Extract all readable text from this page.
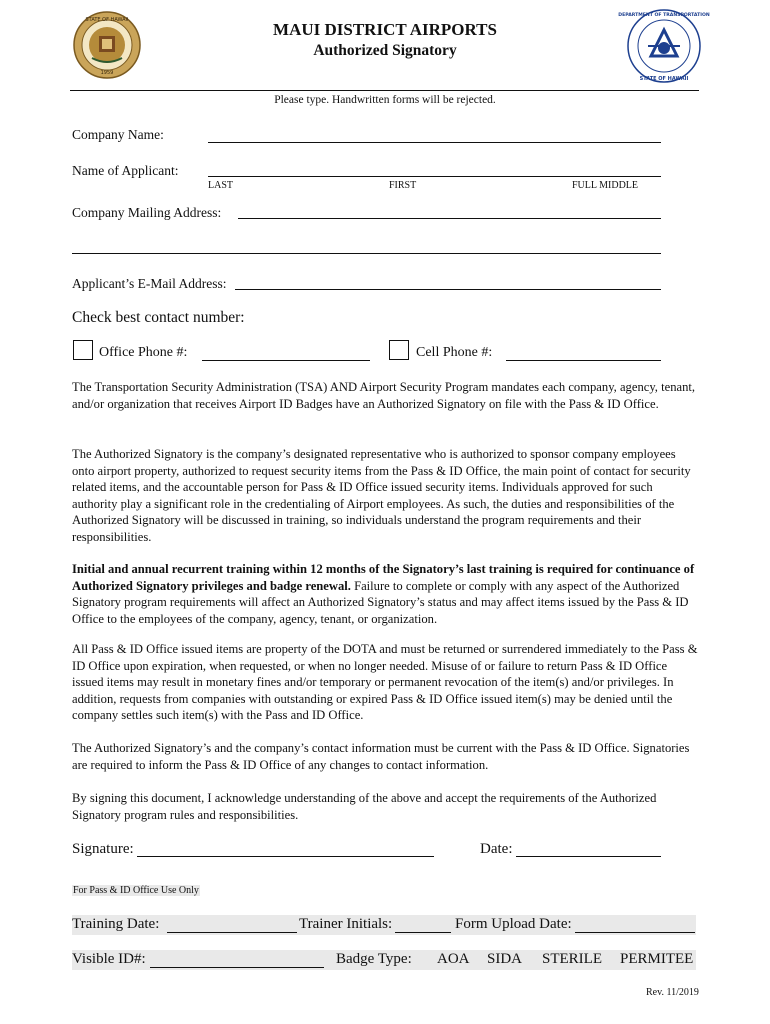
STATE OF HAWAII
1959
MAUI DISTRICT AIRPORTS
Authorized Signatory
DEPARTMENT OF TRANSPORTATION
STATE OF HAWAII
Please type. Handwritten forms will be rejected.
Company Name:
Name of Applicant:
LAST	FIRST	FULL MIDDLE
Company Mailing Address:
Applicant’s E-Mail Address:
Check best contact number:
Office Phone #:	Cell Phone #:

The Transportation Security Administration (TSA) AND Airport Security Program mandates each company, agency, tenant, and/or organization that receives Airport ID Badges have an Authorized Signatory on file with the Pass & ID Office.

The Authorized Signatory is the company’s designated representative who is authorized to sponsor company employees onto airport property, authorized to request security items from the Pass & ID Office, the main point of contact for security related items, and the accountable person for Pass & ID Office issued security items. Individuals approved for such authority play a significant role in the credentialing of Airport employees. As such, the duties and responsibilities of the Authorized Signatory will be discussed in training, so individuals understand the program requirements and their responsibilities.

Initial and annual recurrent training within 12 months of the Signatory’s last training is required for continuance of Authorized Signatory privileges and badge renewal. Failure to complete or comply with any aspect of the Authorized Signatory program requirements will affect an Authorized Signatory’s status and may affect items issued by the Pass & ID Office to the employees of the company, agency, tenant, or organization.

All Pass & ID Office issued items are property of the DOTA and must be returned or surrendered immediately to the Pass & ID Office upon expiration, when requested, or when no longer needed. Misuse of or failure to return Pass & ID Office issued items may result in monetary fines and/or temporary or permanent revocation of the item(s) and/or privileges. In addition, requests from companies with outstanding or expired Pass & ID Office issued item(s) may be denied until the company settles such item(s) with the Pass and ID Office.

The Authorized Signatory’s and the company’s contact information must be current with the Pass & ID Office. Signatories are required to inform the Pass & ID Office of any changes to contact information.

By signing this document, I acknowledge understanding of the above and accept the requirements of the Authorized Signatory program rules and responsibilities.

Signature:	Date:
For Pass & ID Office Use Only
Training Date:	Trainer Initials:	Form Upload Date:
Visible ID#:	Badge Type: AOA SIDA STERILE PERMITEE
Rev. 11/2019
